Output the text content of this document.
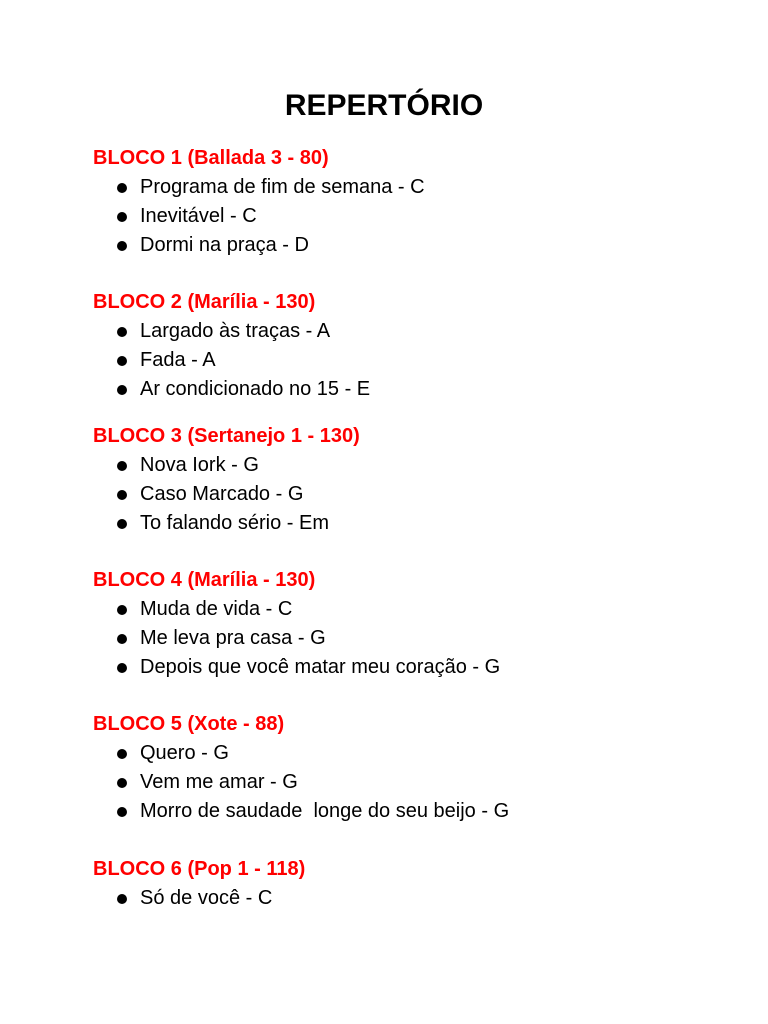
REPERTÓRIO
BLOCO 1 (Ballada 3 - 80)
Programa de fim de semana - C
Inevitável - C
Dormi na praça - D
BLOCO 2 (Marília - 130)
Largado às traças - A
Fada - A
Ar condicionado no 15 - E
BLOCO 3 (Sertanejo 1 - 130)
Nova Iork - G
Caso Marcado - G
To falando sério - Em
BLOCO 4 (Marília - 130)
Muda de vida - C
Me leva pra casa - G
Depois que você matar meu coração - G
BLOCO 5 (Xote - 88)
Quero - G
Vem me amar - G
Morro de saudade  longe do seu beijo - G
BLOCO 6 (Pop 1 - 118)
Só de você - C
